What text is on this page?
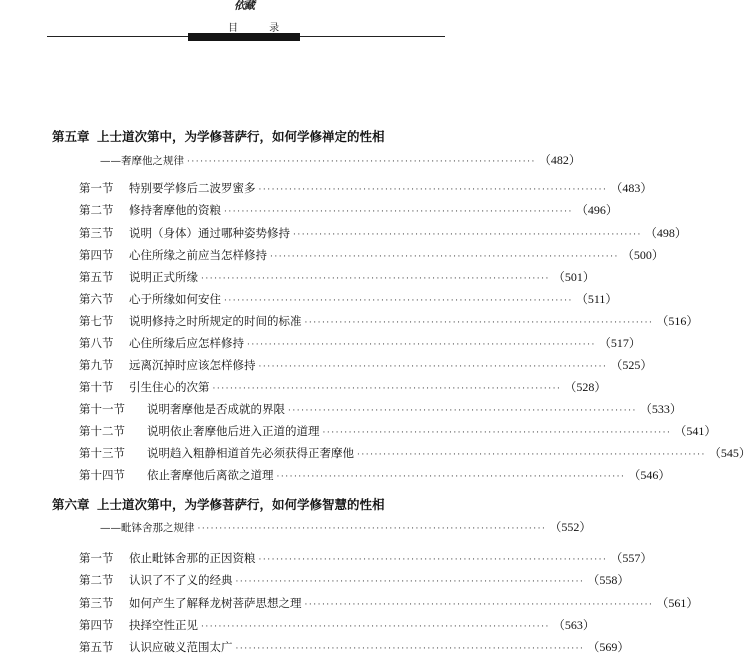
依藏
目 录
第五章 上士道次第中，为学修菩萨行，如何学修禅定的性相
——奢摩他之规律 ················································································ （482）
第一节	特别要学修后二波罗蜜多 ················································································ （483）
第二节	修持奢摩他的资粮 ················································································ （496）
第三节	说明（身体）通过哪种姿势修持 ················································································ （498）
第四节	心住所缘之前应当怎样修持 ················································································ （500）
第五节	说明正式所缘 ················································································ （501）
第六节	心于所缘如何安住 ················································································ （511）
第七节	说明修持之时所规定的时间的标准 ················································································ （516）
第八节	心住所缘后应怎样修持 ················································································ （517）
第九节	远离沉掉时应该怎样修持 ················································································ （525）
第十节	引生住心的次第 ················································································ （528）
第十一节	说明奢摩他是否成就的界限 ················································································ （533）
第十二节	说明依止奢摩他后进入正道的道理 ················································································ （541）
第十三节	说明趋入粗静相道首先必须获得正奢摩他 ················································································ （545）
第十四节	依止奢摩他后离欲之道理 ················································································ （546）
第六章 上士道次第中，为学修菩萨行，如何学修智慧的性相
——毗钵舍那之规律 ················································································ （552）
第一节	依止毗钵舍那的正因资粮 ················································································ （557）
第二节	认识了不了义的经典 ················································································ （558）
第三节	如何产生了解释龙树菩萨思想之理 ················································································ （561）
第四节	抉择空性正见 ················································································ （563）
第五节	认识应破义范围太广 ················································································ （569）
